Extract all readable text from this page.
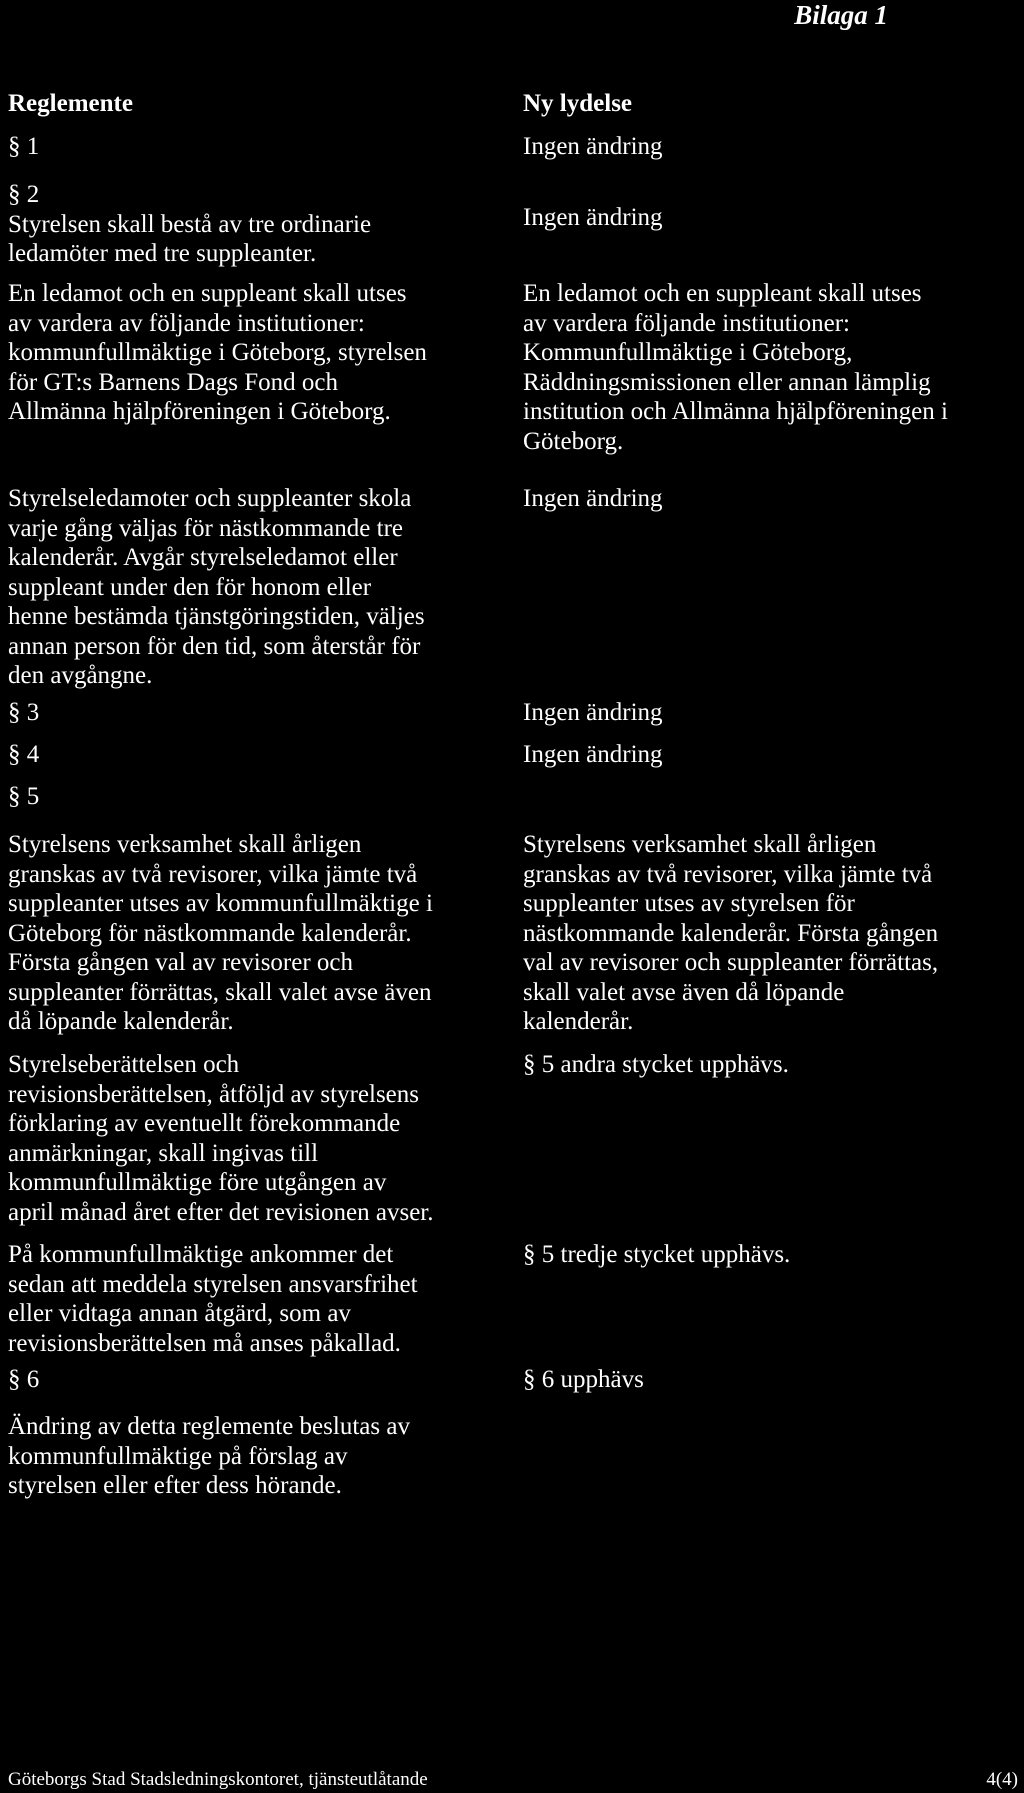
Bilaga 1
Reglemente	Ny lydelse
§ 1
§ 2
Styrelsen skall bestå av tre ordinarie
ledamöter med tre suppleanter.
En ledamot och en suppleant skall utses
av vardera av följande institutioner:
kommunfullmäktige i Göteborg, styrelsen
för GT:s Barnens Dags Fond och
Allmänna hjälpföreningen i Göteborg.
Styrelseledamoter och suppleanter skola
varje gång väljas för nästkommande tre
kalenderår. Avgår styrelseledamot eller
suppleant under den för honom eller
henne bestämda tjänstgöringstiden, väljes
annan person för den tid, som återstår för
den avgångne.
§ 3
§ 4
§ 5
Styrelsens verksamhet skall årligen
granskas av två revisorer, vilka jämte två
suppleanter utses av kommunfullmäktige i
Göteborg för nästkommande kalenderår.
Första gången val av revisorer och
suppleanter förrättas, skall valet avse även
då löpande kalenderår.
Styrelseberättelsen och
revisionsberättelsen, åtföljd av styrelsens
förklaring av eventuellt förekommande
anmärkningar, skall ingivas till
kommunfullmäktige före utgången av
april månad året efter det revisionen avser.
På kommunfullmäktige ankommer det
sedan att meddela styrelsen ansvarsfrihet
eller vidtaga annan åtgärd, som av
revisionsberättelsen må anses påkallad.
§ 6
Ändring av detta reglemente beslutas av
kommunfullmäktige på förslag av
styrelsen eller efter dess hörande.
Ingen ändring
Ingen ändring
En ledamot och en suppleant skall utses
av vardera följande institutioner:
Kommunfullmäktige i Göteborg,
Räddningsmissionen eller annan lämplig
institution och Allmänna hjälpföreningen i
Göteborg.
Ingen ändring
Ingen ändring
Ingen ändring
Styrelsens verksamhet skall årligen
granskas av två revisorer, vilka jämte två
suppleanter utses av styrelsen för
nästkommande kalenderår. Första gången
val av revisorer och suppleanter förrättas,
skall valet avse även då löpande
kalenderår.
§ 5 andra stycket upphävs.
§ 5 tredje stycket upphävs.
§ 6 upphävs
Göteborgs Stad Stadsledningskontoret, tjänsteutlåtande	4(4)
